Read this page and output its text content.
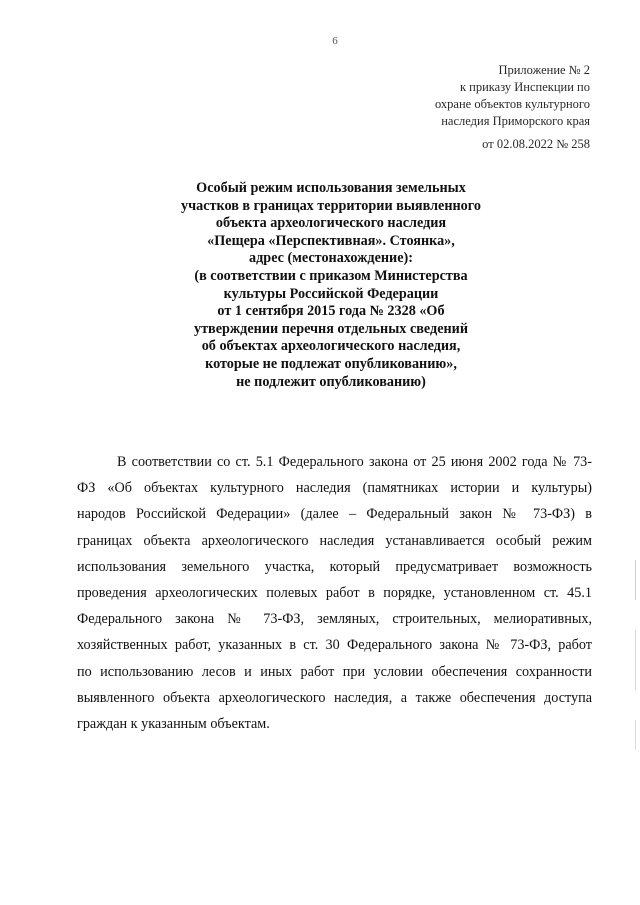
6
Приложение № 2
к приказу Инспекции по
охране объектов культурного
наследия Приморского края
от 02.08.2022 № 258
Особый режим использования земельных
участков в границах территории выявленного
объекта археологического наследия
«Пещера «Перспективная». Стоянка»,
адрес (местонахождение):
(в соответствии с приказом Министерства
культуры Российской Федерации
от 1 сентября 2015 года № 2328 «Об
утверждении перечня отдельных сведений
об объектах археологического наследия,
которые не подлежат опубликованию»,
не подлежит опубликованию)
В соответствии со ст. 5.1 Федерального закона от 25 июня 2002 года № 73-
ФЗ «Об объектах культурного наследия (памятниках истории и культуры)
народов Российской Федерации» (далее – Федеральный закон № 73-ФЗ) в
границах объекта археологического наследия устанавливается особый режим
использования земельного участка, который предусматривает возможность
проведения археологических полевых работ в порядке, установленном ст. 45.1
Федерального закона № 73-ФЗ, земляных, строительных, мелиоративных,
хозяйственных работ, указанных в ст. 30 Федерального закона № 73-ФЗ, работ
по использованию лесов и иных работ при условии обеспечения сохранности
выявленного объекта археологического наследия, а также обеспечения доступа
граждан к указанным объектам.
